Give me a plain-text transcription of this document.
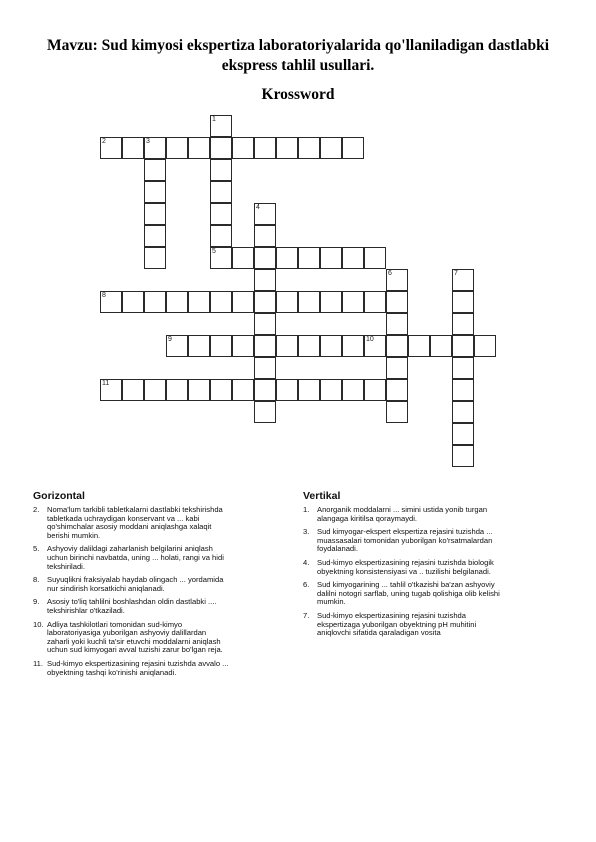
Mavzu: Sud kimyosi ekspertiza laboratoriyalarida qo'llaniladigan dastlabki ekspress tahlil usullari.
Krossword
1
2	3
4
5
6	7
8
9	10
11
Gorizontal
2. Noma'lum tarkibli tabletkalarni dastlabki tekshirishda
tabletkada uchraydigan konservant va ... kabi
qo'shimchalar asosiy moddani aniqlashga xalaqit
berishi mumkin.
5. Ashyoviy dalildagi zaharlanish belgilarini aniqlash
uchun birinchi navbatda, uning ... holati, rangi va hidi
tekshiriladi.
8. Suyuqlikni fraksiyalab haydab olingach ... yordamida
nur sindirish korsatkichi aniqlanadi.
9. Asosiy to'liq tahlilni boshlashdan oldin dastlabki ....
tekshirishlar o'tkaziladi.
10. Adliya tashkilotlari tomonidan sud-kimyo
laboratoriyasiga yuborilgan ashyoviy dalillardan
zaharli yoki kuchli ta'sir etuvchi moddalarni aniqlash
uchun sud kimyogari avval tuzishi zarur bo'lgan reja.
11. Sud-kimyo ekspertizasining rejasini tuzishda avvalo ...
obyektning tashqi ko'rinishi aniqlanadi.
Vertikal
1. Anorganik moddalarni ... simini ustida yonib turgan
alangaga kiritilsa qoraymaydi.
3. Sud kimyogar-ekspert ekspertiza rejasini tuzishda ...
muassasalari tomonidan yuborilgan ko'rsatmalardan
foydalanadi.
4. Sud-kimyo ekspertizasining rejasini tuzishda biologik
obyektning konsistensiyasi va .. tuzilishi belgilanadi.
6. Sud kimyogarining ... tahlil o'tkazishi ba'zan ashyoviy
dalilni notogri sarflab, uning tugab qolishiga olib kelishi
mumkin.
7. Sud-kimyo ekspertizasining rejasini tuzishda
ekspertizaga yuborilgan obyektning pH muhitini
aniqlovchi sifatida qaraladigan vosita
